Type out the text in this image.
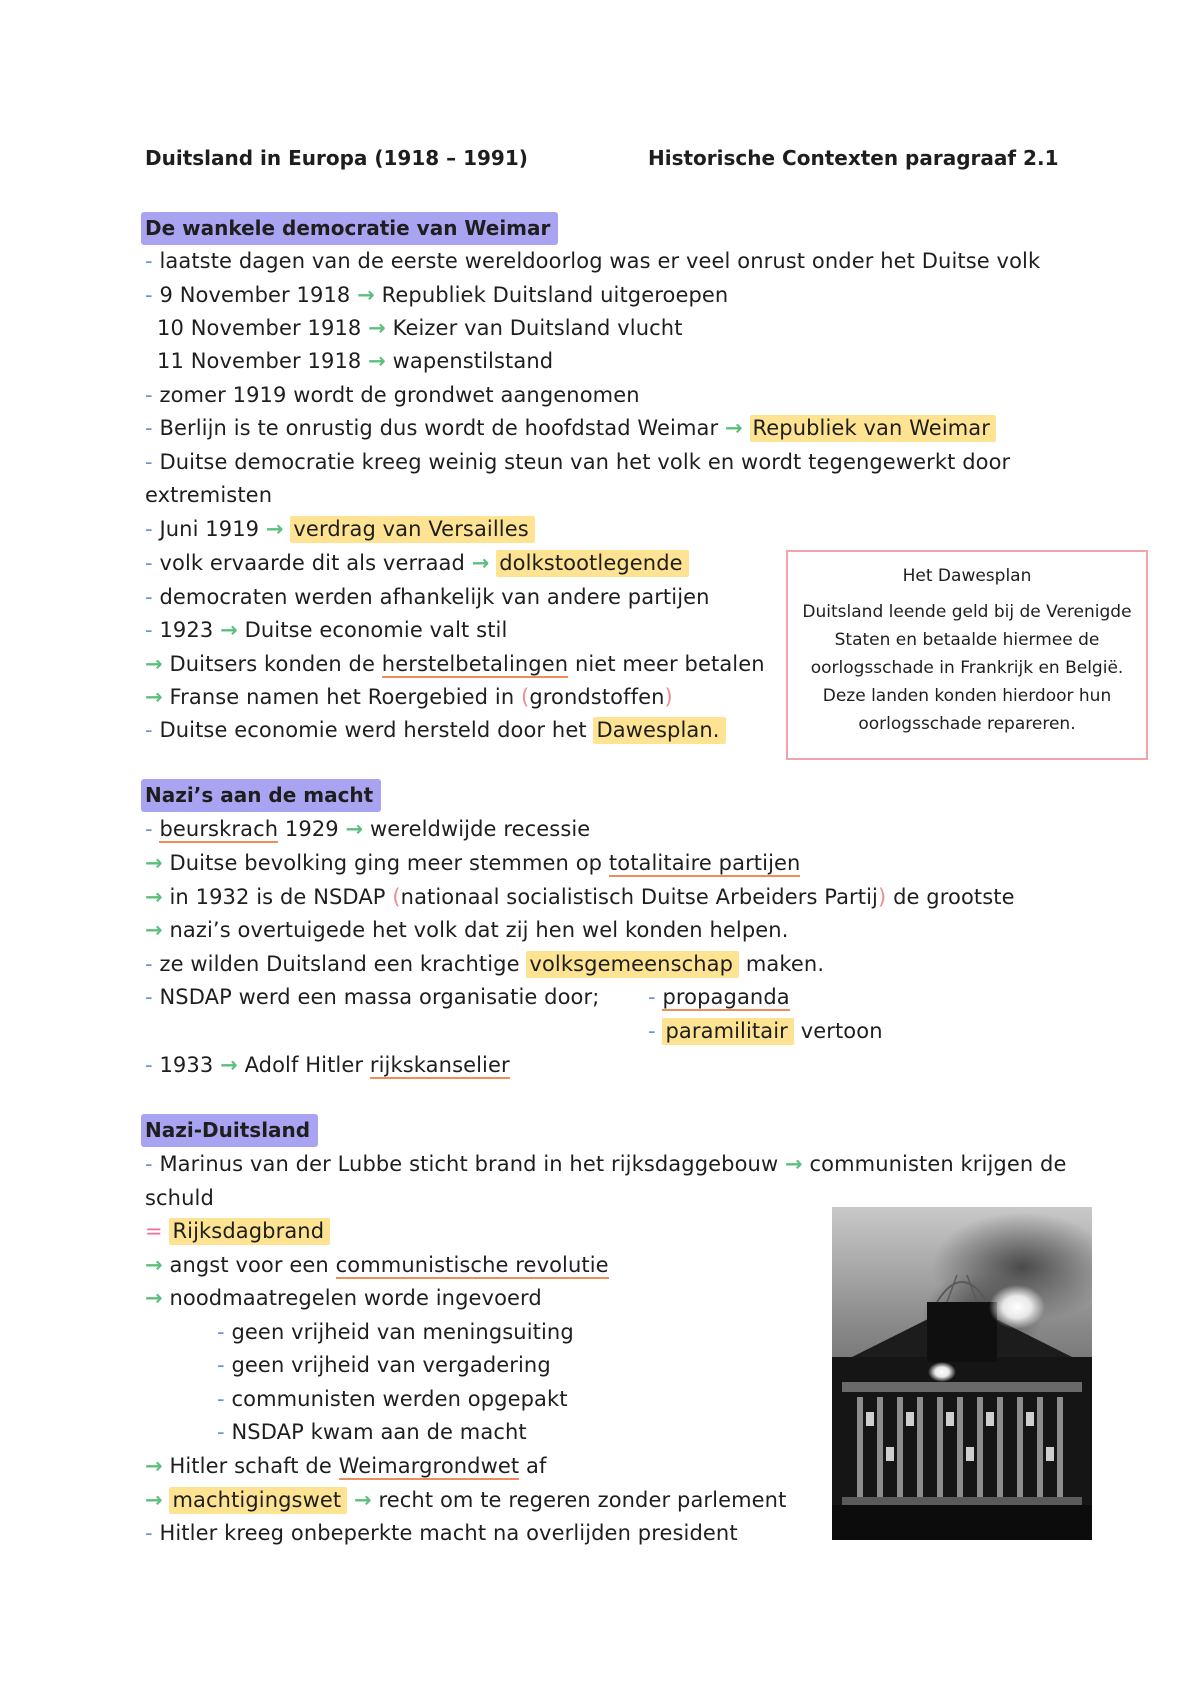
Duitsland in Europa (1918 – 1991)	Historische Contexten paragraaf 2.1
De wankele democratie van Weimar
- laatste dagen van de eerste wereldoorlog was er veel onrust onder het Duitse volk
- 9 November 1918 → Republiek Duitsland uitgeroepen
10 November 1918 → Keizer van Duitsland vlucht
11 November 1918 → wapenstilstand
- zomer 1919 wordt de grondwet aangenomen
- Berlijn is te onrustig dus wordt de hoofdstad Weimar → Republiek van Weimar
- Duitse democratie kreeg weinig steun van het volk en wordt tegengewerkt door
extremisten
- Juni 1919 → verdrag van Versailles
- volk ervaarde dit als verraad → dolkstootlegende
- democraten werden afhankelijk van andere partijen
- 1923 → Duitse economie valt stil
→ Duitsers konden de herstelbetalingen niet meer betalen
→ Franse namen het Roergebied in (grondstoffen)
- Duitse economie werd hersteld door het Dawesplan.
Het Dawesplan
Duitsland leende geld bij de Verenigde
Staten en betaalde hiermee de
oorlogsschade in Frankrijk en België.
Deze landen konden hierdoor hun
oorlogsschade repareren.
Nazi’s aan de macht
- beurskrach 1929 → wereldwijde recessie
→ Duitse bevolking ging meer stemmen op totalitaire partijen
→ in 1932 is de NSDAP (nationaal socialistisch Duitse Arbeiders Partij) de grootste
→ nazi’s overtuigede het volk dat zij hen wel konden helpen.
- ze wilden Duitsland een krachtige volksgemeenschap maken.
- NSDAP werd een massa organisatie door; - propaganda
- paramilitair vertoon
- 1933 → Adolf Hitler rijkskanselier
Nazi-Duitsland
- Marinus van der Lubbe sticht brand in het rijksdaggebouw → communisten krijgen de
schuld
= Rijksdagbrand
→ angst voor een communistische revolutie
→ noodmaatregelen worde ingevoerd
- geen vrijheid van meningsuiting
- geen vrijheid van vergadering
- communisten werden opgepakt
- NSDAP kwam aan de macht
→ Hitler schaft de Weimargrondwet af
→ machtigingswet → recht om te regeren zonder parlement
- Hitler kreeg onbeperkte macht na overlijden president
